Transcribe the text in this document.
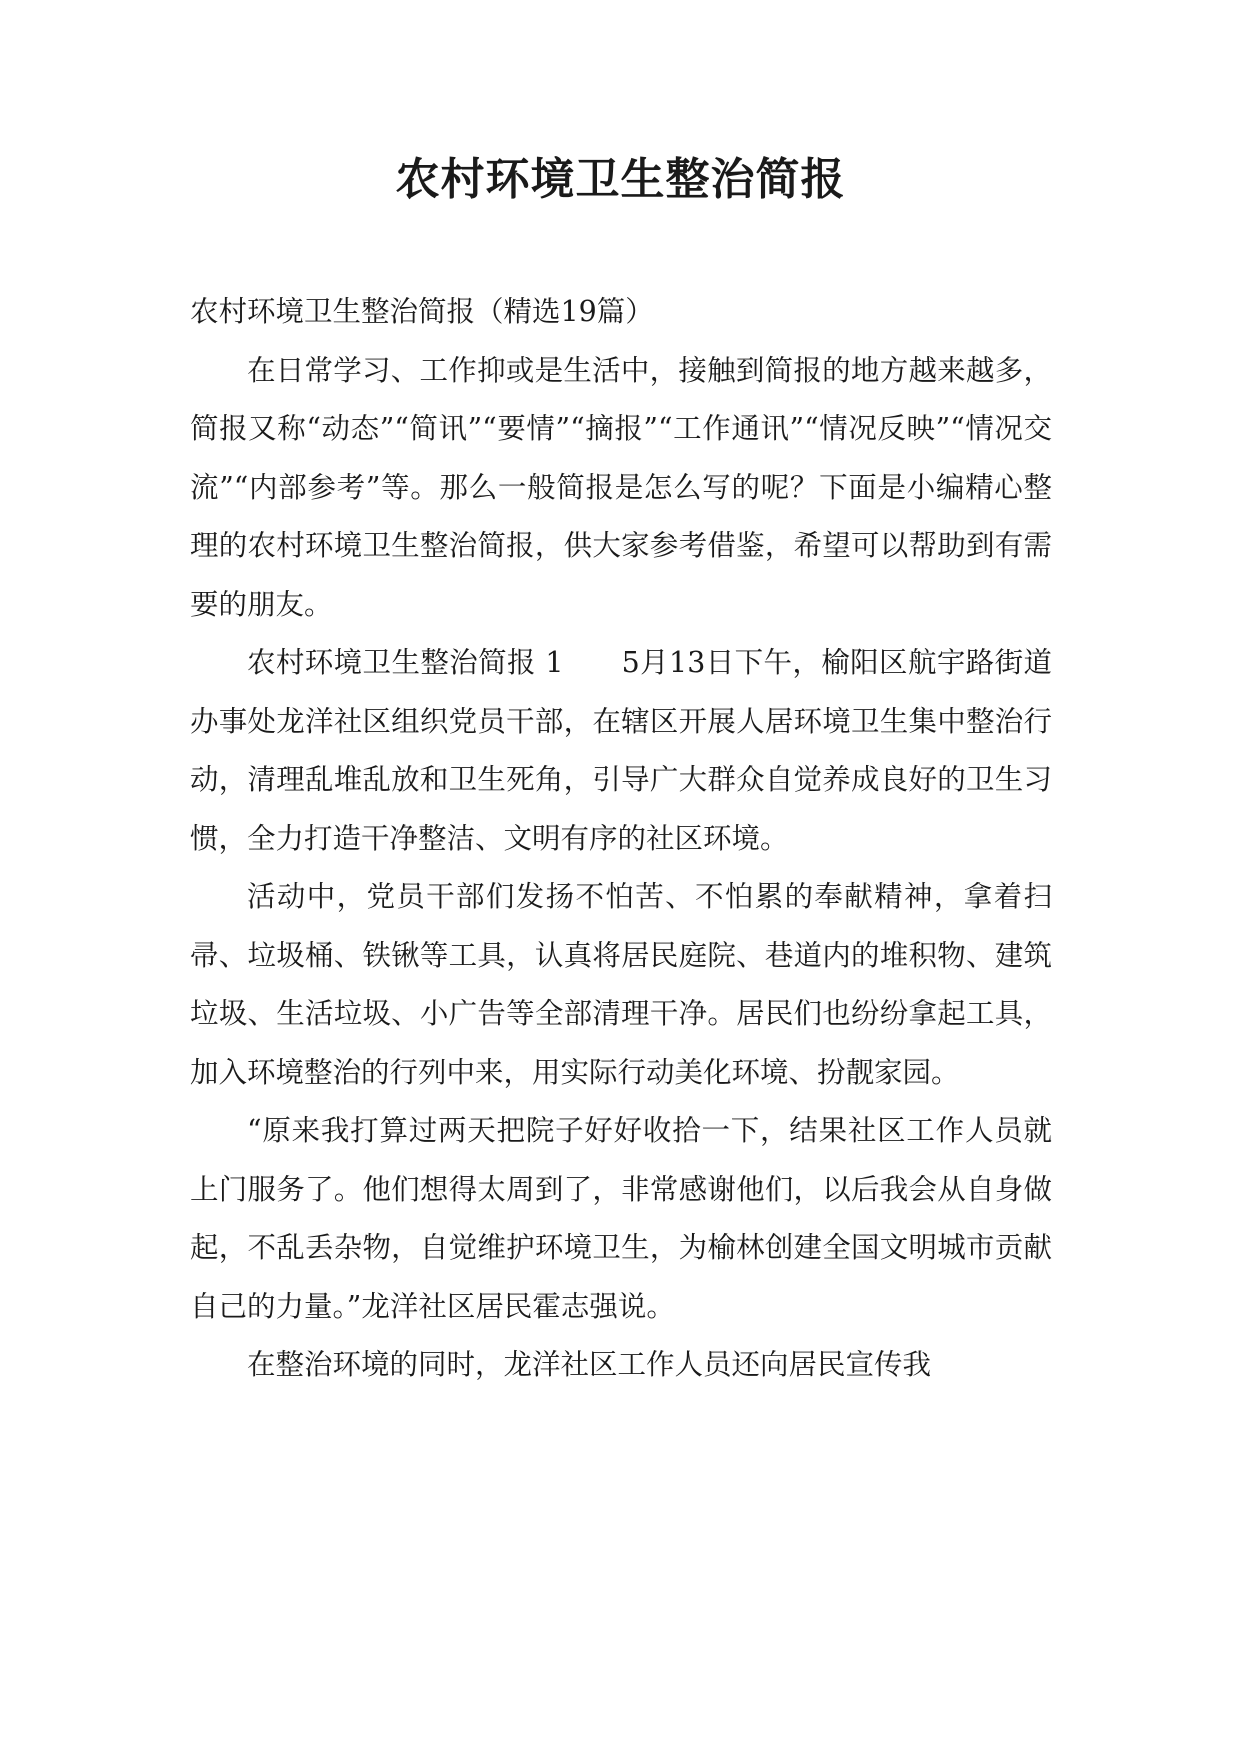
农村环境卫生整治简报

农村环境卫生整治简报（精选19篇）

在日常学习、工作抑或是生活中，接触到简报的地方越来越多，简报又称“动态”“简讯”“要情”“摘报”“工作通讯”“情况反映”“情况交流”“内部参考”等。那么一般简报是怎么写的呢？下面是小编精心整理的农村环境卫生整治简报，供大家参考借鉴，希望可以帮助到有需要的朋友。

农村环境卫生整治简报 1　　5月13日下午，榆阳区航宇路街道办事处龙洋社区组织党员干部，在辖区开展人居环境卫生集中整治行动，清理乱堆乱放和卫生死角，引导广大群众自觉养成良好的卫生习惯，全力打造干净整洁、文明有序的社区环境。

活动中，党员干部们发扬不怕苦、不怕累的奉献精神，拿着扫帚、垃圾桶、铁锹等工具，认真将居民庭院、巷道内的堆积物、建筑垃圾、生活垃圾、小广告等全部清理干净。居民们也纷纷拿起工具，加入环境整治的行列中来，用实际行动美化环境、扮靓家园。

“原来我打算过两天把院子好好收拾一下，结果社区工作人员就上门服务了。他们想得太周到了，非常感谢他们，以后我会从自身做起，不乱丢杂物，自觉维护环境卫生，为榆林创建全国文明城市贡献自己的力量。”龙洋社区居民霍志强说。

在整治环境的同时，龙洋社区工作人员还向居民宣传我
